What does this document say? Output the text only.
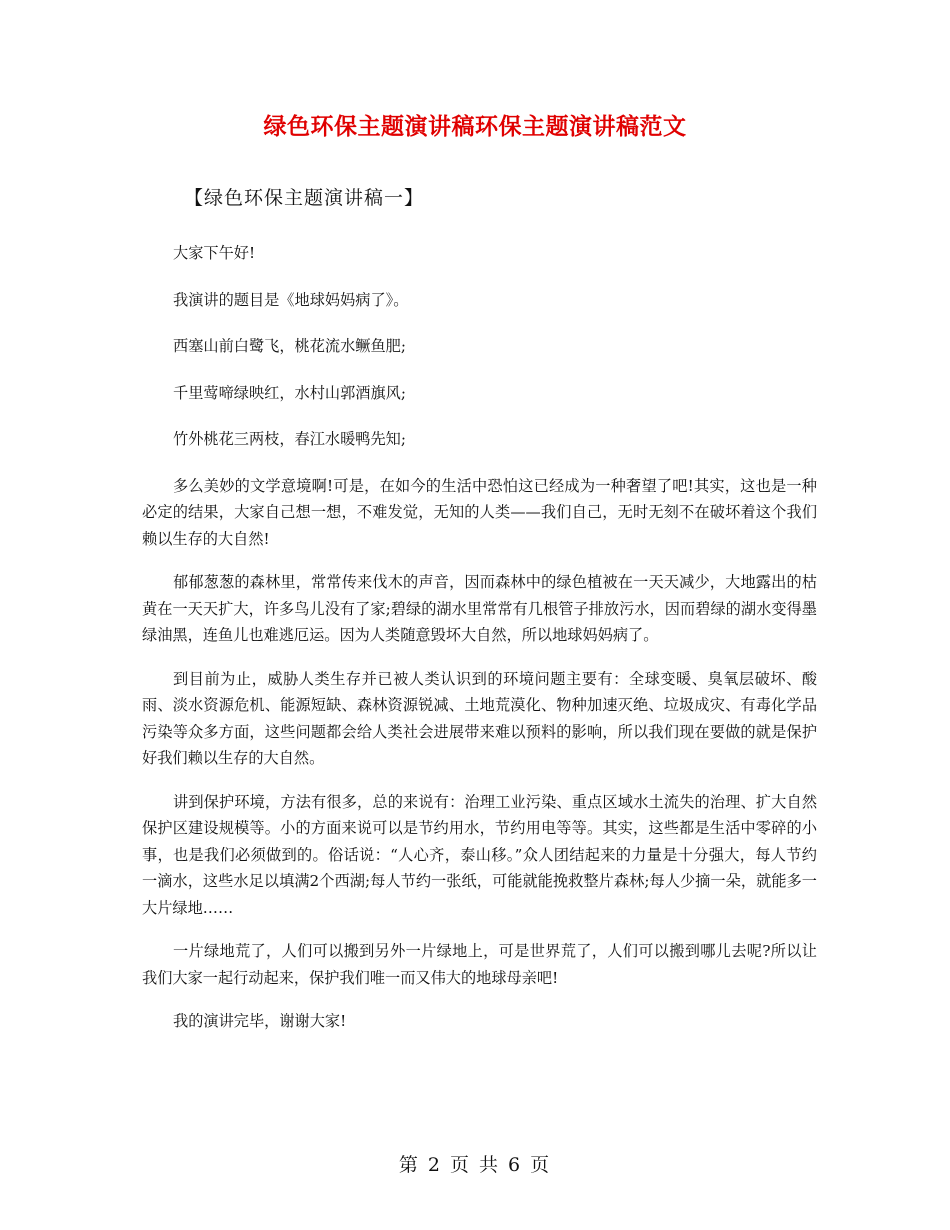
绿色环保主题演讲稿环保主题演讲稿范文
【绿色环保主题演讲稿一】

大家下午好!

我演讲的题目是《地球妈妈病了》。

西塞山前白鹭飞，桃花流水鳜鱼肥;

千里莺啼绿映红，水村山郭酒旗风;

竹外桃花三两枝，春江水暖鸭先知;

多么美妙的文学意境啊!可是，在如今的生活中恐怕这已经成为一种奢望了吧!其实，这也是一种必定的结果，大家自己想一想，不难发觉，无知的人类——我们自己，无时无刻不在破坏着这个我们赖以生存的大自然!

郁郁葱葱的森林里，常常传来伐木的声音，因而森林中的绿色植被在一天天减少，大地露出的枯黄在一天天扩大，许多鸟儿没有了家;碧绿的湖水里常常有几根管子排放污水，因而碧绿的湖水变得墨绿油黑，连鱼儿也难逃厄运。因为人类随意毁坏大自然，所以地球妈妈病了。

到目前为止，威胁人类生存并已被人类认识到的环境问题主要有：全球变暖、臭氧层破坏、酸雨、淡水资源危机、能源短缺、森林资源锐减、土地荒漠化、物种加速灭绝、垃圾成灾、有毒化学品污染等众多方面，这些问题都会给人类社会进展带来难以预料的影响，所以我们现在要做的就是保护好我们赖以生存的大自然。

讲到保护环境，方法有很多，总的来说有：治理工业污染、重点区域水土流失的治理、扩大自然保护区建设规模等。小的方面来说可以是节约用水，节约用电等等。其实，这些都是生活中零碎的小事，也是我们必须做到的。俗话说：“人心齐，泰山移。”众人团结起来的力量是十分强大，每人节约一滴水，这些水足以填满2个西湖;每人节约一张纸，可能就能挽救整片森林;每人少摘一朵，就能多一大片绿地……

一片绿地荒了，人们可以搬到另外一片绿地上，可是世界荒了，人们可以搬到哪儿去呢?所以让我们大家一起行动起来，保护我们唯一而又伟大的地球母亲吧!

我的演讲完毕，谢谢大家!

第 2 页 共 6 页
